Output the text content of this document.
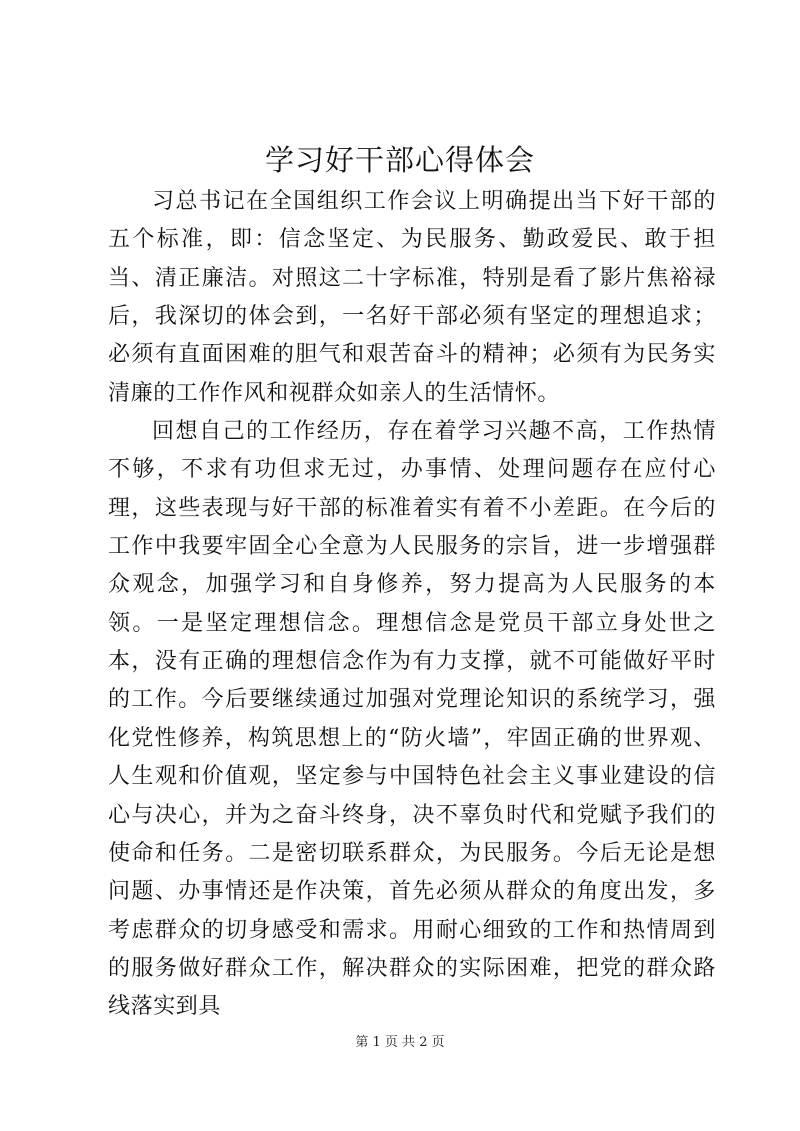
学习好干部心得体会

习总书记在全国组织工作会议上明确提出当下好干部的五个标准，即：信念坚定、为民服务、勤政爱民、敢于担当、清正廉洁。对照这二十字标准，特别是看了影片焦裕禄后，我深切的体会到，一名好干部必须有坚定的理想追求；必须有直面困难的胆气和艰苦奋斗的精神；必须有为民务实清廉的工作作风和视群众如亲人的生活情怀。

回想自己的工作经历，存在着学习兴趣不高，工作热情不够，不求有功但求无过，办事情、处理问题存在应付心理，这些表现与好干部的标准着实有着不小差距。在今后的工作中我要牢固全心全意为人民服务的宗旨，进一步增强群众观念，加强学习和自身修养，努力提高为人民服务的本领。一是坚定理想信念。理想信念是党员干部立身处世之本，没有正确的理想信念作为有力支撑，就不可能做好平时的工作。今后要继续通过加强对党理论知识的系统学习，强化党性修养，构筑思想上的“防火墙”，牢固正确的世界观、人生观和价值观，坚定参与中国特色社会主义事业建设的信心与决心，并为之奋斗终身，决不辜负时代和党赋予我们的使命和任务。二是密切联系群众，为民服务。今后无论是想问题、办事情还是作决策，首先必须从群众的角度出发，多考虑群众的切身感受和需求。用耐心细致的工作和热情周到的服务做好群众工作，解决群众的实际困难，把党的群众路线落实到具

第 1 页 共 2 页
